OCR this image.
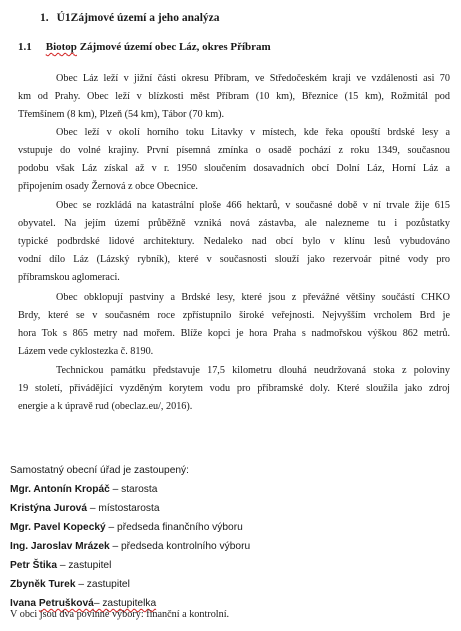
1. Ú1Zájmové území a jeho analýza
1.1 Biotop Zájmové území obec Láz, okres Příbram
Obec Láz leží v jižní části okresu Příbram, ve Středočeském kraji ve vzdálenosti asi 70
km od Prahy. Obec leží v blízkosti měst Příbram (10 km), Březnice (15 km), Rožmitál pod
Třemšínem (8 km), Plzeň (54 km), Tábor (70 km).
Obec leží v okolí horního toku Litavky v místech, kde řeka opouští brdské lesy a
vstupuje do volné krajiny. První písemná zmínka o osadě pochází z roku 1349, současnou
podobu však Láz získal až v r. 1950 sloučením dosavadních obcí Dolní Láz, Horní Láz a
připojením osady Žernová z obce Obecnice.
Obec se rozkládá na katastrální ploše 466 hektarů, v současné době v ní trvale žije 615
obyvatel. Na jejím území průběžně vzniká nová zástavba, ale nalezneme tu i pozůstatky
typické podbrdské lidové architektury. Nedaleko nad obcí bylo v klínu lesů vybudováno
vodní dílo Láz (Lázský rybník), které v současnosti slouží jako rezervoár pitné vody pro
příbramskou aglomeraci.
Obec obklopují pastviny a Brdské lesy, které jsou z převážné většiny součástí CHKO
Brdy, které se v současném roce zpřístupnilo široké veřejnosti. Nejvyšším vrcholem Brd je
hora Tok s 865 metry nad mořem. Blíže kopci je hora Praha s nadmořskou výškou 862 metrů.
Lázem vede cyklostezka č. 8190.
Technickou památku představuje 17,5 kilometru dlouhá neudržovaná stoka z poloviny
19 století, přivádějící vyzděným korytem vodu pro příbramské doly. Které sloužila jako zdroj
energie a k úpravě rud (obeclaz.eu/, 2016).
Samostatný obecní úřad je zastoupený:
Mgr. Antonín Kropáč – starosta
Kristýna Jurová – místostarosta
Mgr. Pavel Kopecký – předseda finančního výboru
Ing. Jaroslav Mrázek – předseda kontrolního výboru
Petr Štika – zastupitel
Zbyněk Turek – zastupitel
Ivana Petrušková– zastupitelka
V obci jsou dva povinné výbory: finanční a kontrolní.
